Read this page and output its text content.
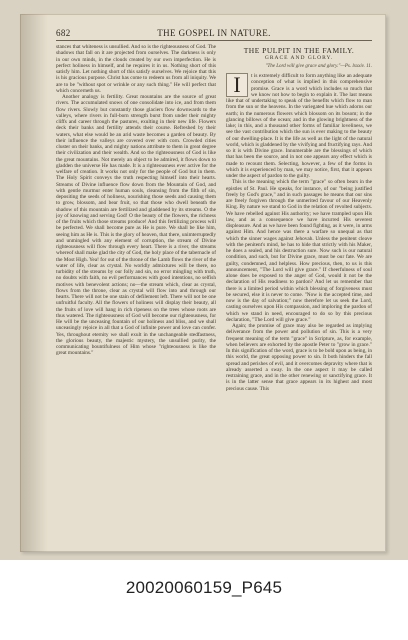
682	THE GOSPEL IN NATURE.

stances that whiteness is unsullied. And so is the righteousness of God. The shadows that fall on it are projected from ourselves. The darkness is only in our own minds, in the clouds created by our own imperfection. He is perfect holiness in himself, and he requires it in us. Nothing short of this satisfy him. Let nothing short of this satisfy ourselves. We rejoice that this is his gracious purpose. Christ has come to redeem us from all iniquity. We are to be "without spot or wrinkle or any such thing." He will perfect that which concerneth us.

Another analogy is fertility. Great mountains are the source of great rivers. The accumulated snows of one consolidate into ice, and from them flow rivers. Slowly but constantly those glaciers flow downwards to the valleys, where rivers in full-born strength burst from under their mighty cliffs and career through the pastures, exulting in their new life. Flowers deck their banks and fertility attends their course. Refreshed by their waters, what else would be an arid waste becomes a garden of beauty. By their influence the valleys are covered over with corn. Crowded cities cluster on their banks, and mighty nations attribute to them in great degree their civilization and their wealth. And so the righteousness of God is like the great mountains. Not merely an object to be admired, it flows down to gladden the universe He has made. It is a righteousness ever active for the welfare of creation. It works not only for the people of God but in them. The Holy Spirit conveys the truth respecting himself into their hearts. Streams of Divine influence flow down from the Mountain of God, and with gentle murmur enter human souls, cleansing from the filth of sin, depositing the seeds of holiness, nourishing those seeds and causing them to grow, blossom, and bear fruit, so that those who dwell beneath the shadow of this mountain are fertilized and gladdened by its streams. O the joy of knowing and serving God! O the beauty of the flowers, the richness of the fruits which those streams produce! And this fertilizing process will be perfected. We shall become pure as He is pure. We shall be like him, seeing him as He is. This is the glory of heaven, that there, unimterruptedly and unmingled with any element of corruption, the stream of Divine righteousness will flow through every heart. There is a river, the streams whereof shall make glad the city of God, the holy place of the tabernacle of the Most High. Yea! for out of the throne of the Lamb flows the river of the water of life, clear as crystal. No worldly admixtures will be there, no turbidity of the streams by our folly and sin, no error mingling with truth, no doubts with faith, no evil performances with good intentions, no selfish motives with benevolent actions; no—the stream which, clear as crystal, flows from the throne, clear as crystal will flow into and through our hearts. There will not be one stain of defilement left. There will not be one unfruitful faculty. All the flowers of holiness will display their beauty, all the fruits of love will hang in rich ripeness on the trees whose roots are thus watered. The righteousness of God will become our righteousness, for He will be the unceasing fountain of our holiness and bliss, and we shall unceasingly rejoice in all that a God of infinite power and love can confer. Yes, throughout eternity we shall exult in the unchangeable stedfastness, the glorious beauty, the majestic mystery, the unsullied purity, the communicating bountifulness of Him whose "righteousness is like the great mountains."

THE PULPIT IN THE FAMILY.
GRACE AND GLORY.
"The Lord will give grace and glory."—Ps. lxxxiv. 11.

I	t is extremely difficult to form anything like an adequate conception of what is implied in this comprehensive promise. Grace is a word which includes so much that we know not how to begin to explain it. The last means like that of undertaking to speak of the benefits which flow to man from the sun or the heavens. In the variegated hue which adorns our earth; in the numerous flowers which blossom on its bosom; in the glancing billows of the ocean; and in the glowing brightness of the lake; in this, and a thousand other forms of familiar loveliness, we see the vast contribution which the sun is ever making to the beauty of our dwelling-place. It is the life as well as the light of the natural world, which is gladdened by the vivifying and fructifying rays. And so it is with Divine grace. Innumerable are the blessings of which that has been the source, and in not one appears any effect which is made to recount them. Selecting, however, a few of the forms in which it is experienced by man, we may notice, first, that it appears under the aspect of pardon to the guilty.

This is the meaning which the term "grace" so often bears in the epistles of St. Paul. He speaks, for instance, of our "being justified freely by God's grace," and in such passages he means that our sins are freely forgiven through the unmerited favour of our Heavenly King. By nature we stand to God in the relation of revolted subjects. We have rebelled against His authority; we have trampled upon His law, and as a consequence we have incurred His severest displeasure. And as we have been found fighting, as it were, in arms against Him. And hence was there a warfare so unequal as that which the sinner wages against Jehovah. Unless the penitent cleave with the penitent's mind, he has to hide that strictly with his Maker, he does a sealed, and his destruction sure. Now such is our natural condition, and such, but for Divine grace, must be our fate. We are guilty, condemned, and helpless. How precious, then, to us is this announcement, "The Lord will give grace." If cheerfulness of soul alone does be exposed to the anger of God, would it not be the declaration of His readiness to pardon? And let us remember that there is a limited period within which blessing of forgiveness must be secured, else it is never to come. "Now is the accepted time, and now is the day of salvation;" now therefore let us seek the Lord, casting ourselves upon His compassion, and imploring the pardon of which we stand in need, encouraged to do so by this precious declaration, "The Lord will give grace."

Again; the promise of grace may also be regarded as implying deliverance from the power and pollution of sin. This is a very frequent meaning of the term "grace" in Scripture, as, for example, when believers are exhorted by the apostle Peter to "grow in grace." In this signification of the word, grace is to be bold upon as being, in this world, the great opposing power to sin. It both hinders the fall spread and perishes of evil, and it overcomes depravity where that is already asserted a sway. In the one aspect it may be called restraining grace, and in the other renewing or sanctifying grace. It is in the latter sense that grace appears in its highest and most precious cause. This

20020060159_P645
